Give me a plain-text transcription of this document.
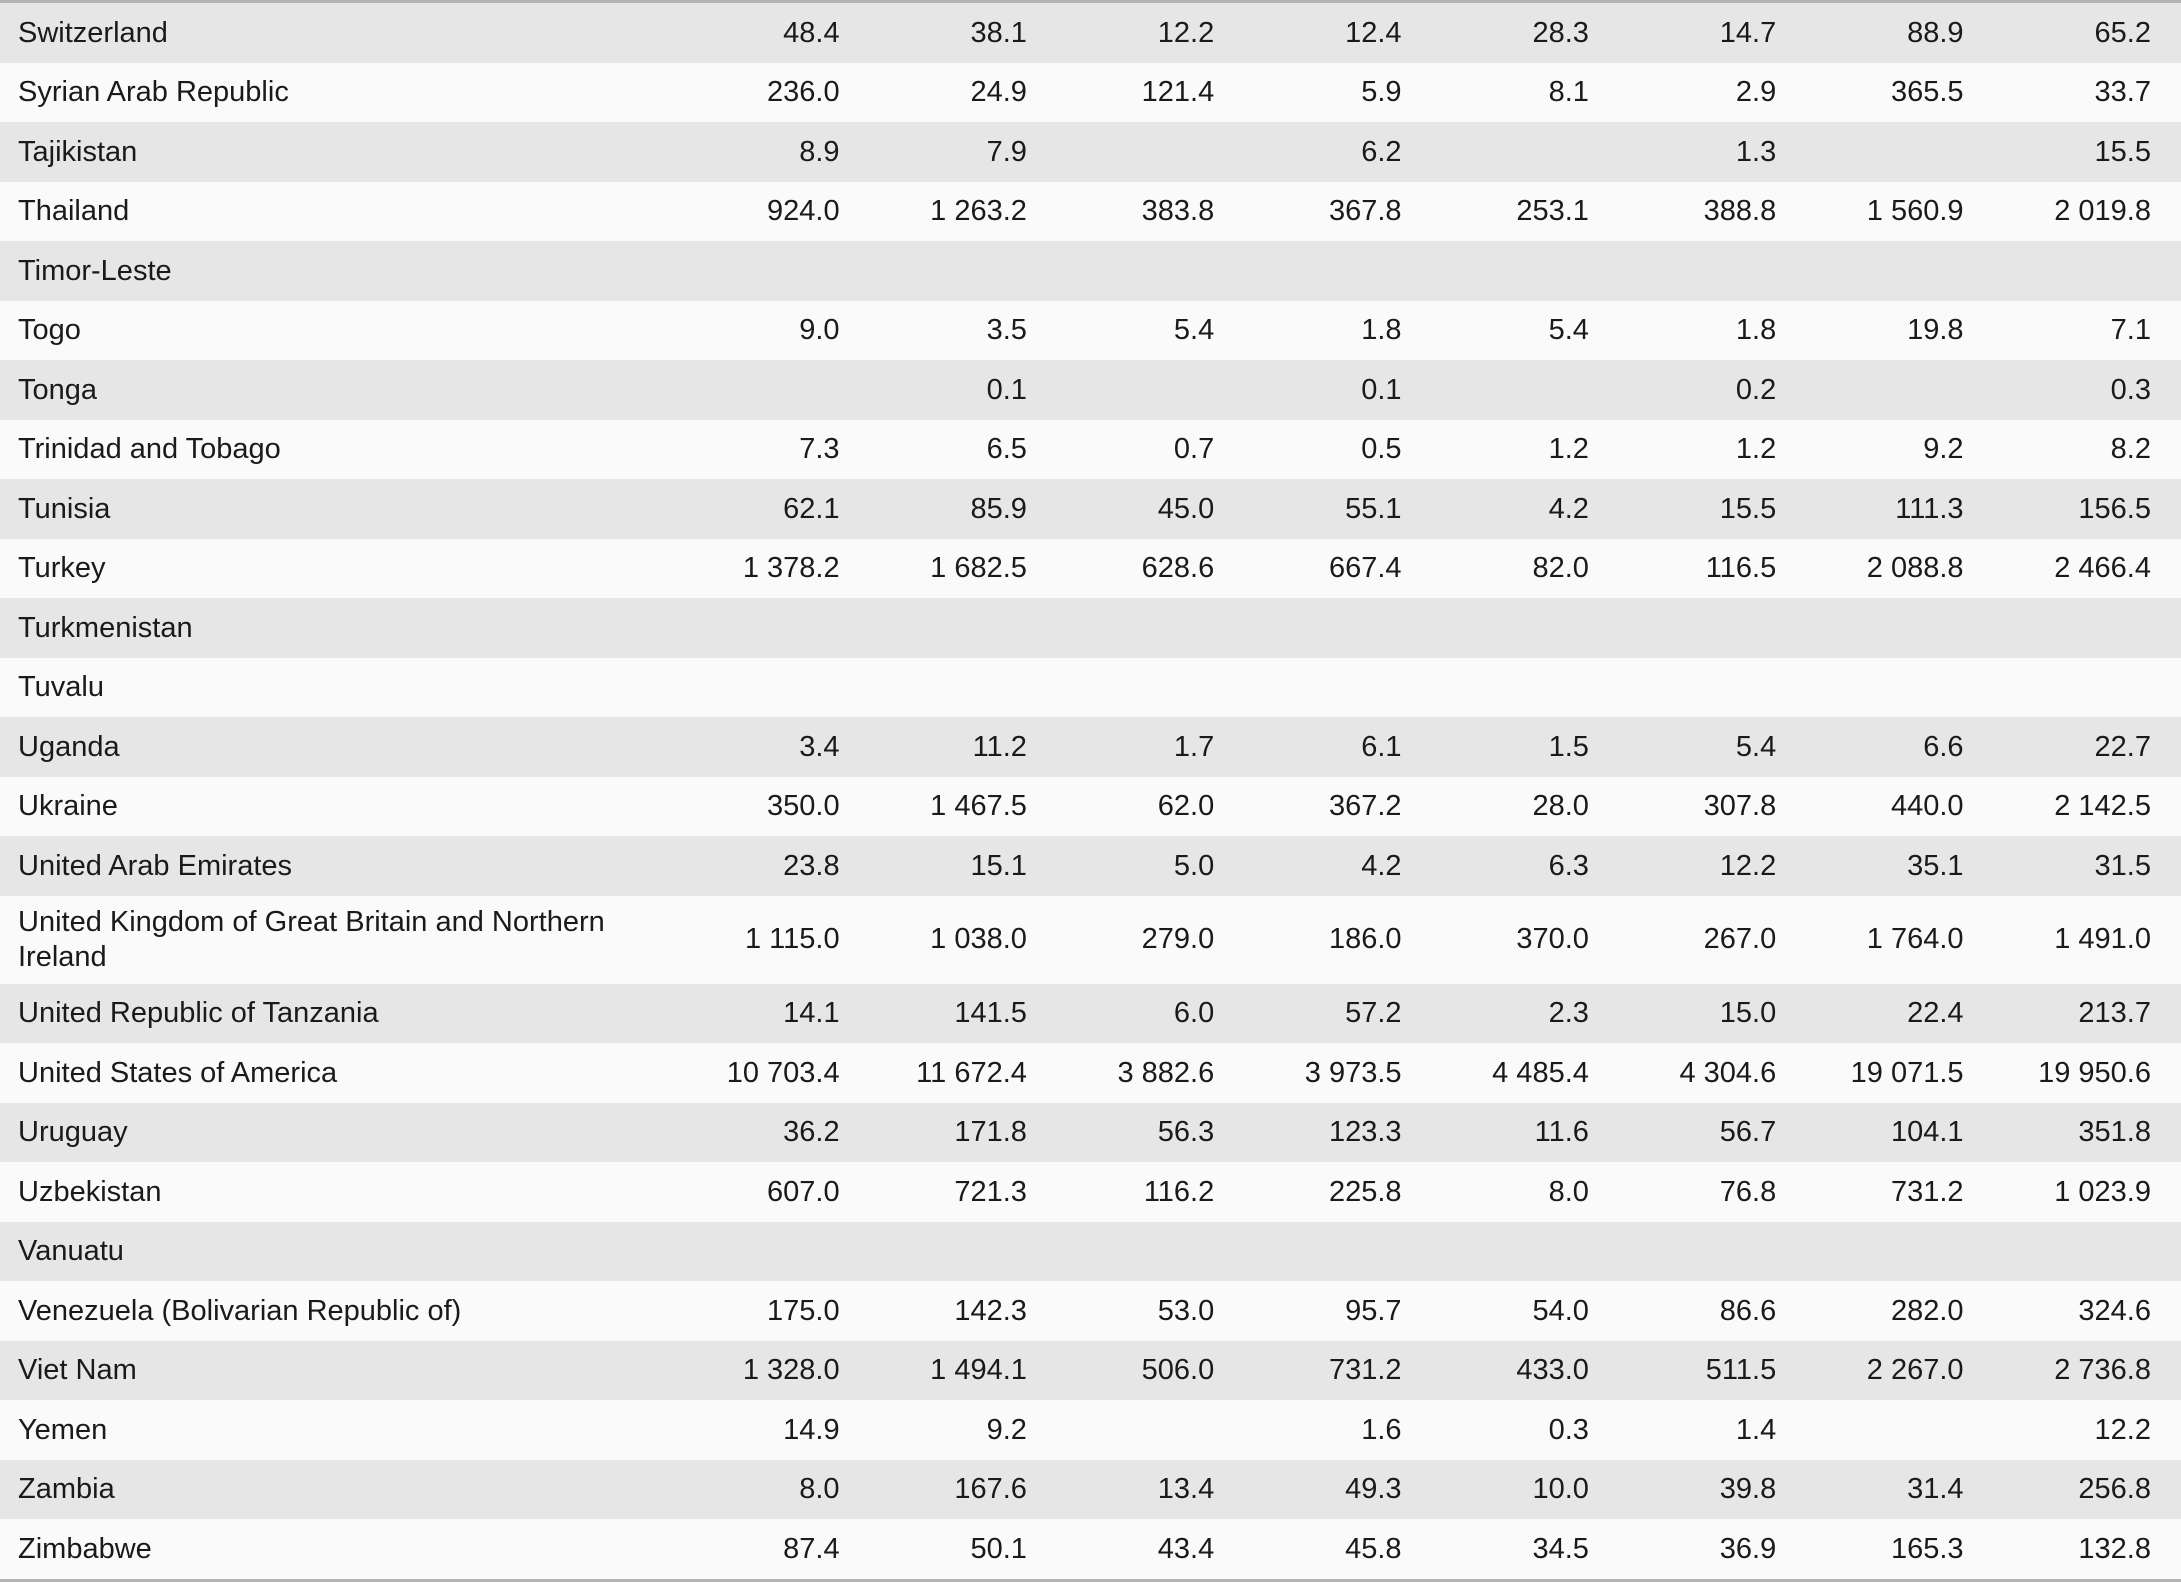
Switzerland	48.4	38.1	12.2	12.4	28.3	14.7	88.9	65.2
Syrian Arab Republic	236.0	24.9	121.4	5.9	8.1	2.9	365.5	33.7
Tajikistan	8.9	7.9		6.2		1.3		15.5
Thailand	924.0	1 263.2	383.8	367.8	253.1	388.8	1 560.9	2 019.8
Timor-Leste								
Togo	9.0	3.5	5.4	1.8	5.4	1.8	19.8	7.1
Tonga		0.1		0.1		0.2		0.3
Trinidad and Tobago	7.3	6.5	0.7	0.5	1.2	1.2	9.2	8.2
Tunisia	62.1	85.9	45.0	55.1	4.2	15.5	111.3	156.5
Turkey	1 378.2	1 682.5	628.6	667.4	82.0	116.5	2 088.8	2 466.4
Turkmenistan								
Tuvalu								
Uganda	3.4	11.2	1.7	6.1	1.5	5.4	6.6	22.7
Ukraine	350.0	1 467.5	62.0	367.2	28.0	307.8	440.0	2 142.5
United Arab Emirates	23.8	15.1	5.0	4.2	6.3	12.2	35.1	31.5
United Kingdom of Great Britain and Northern Ireland	1 115.0	1 038.0	279.0	186.0	370.0	267.0	1 764.0	1 491.0
United Republic of Tanzania	14.1	141.5	6.0	57.2	2.3	15.0	22.4	213.7
United States of America	10 703.4	11 672.4	3 882.6	3 973.5	4 485.4	4 304.6	19 071.5	19 950.6
Uruguay	36.2	171.8	56.3	123.3	11.6	56.7	104.1	351.8
Uzbekistan	607.0	721.3	116.2	225.8	8.0	76.8	731.2	1 023.9
Vanuatu								
Venezuela (Bolivarian Republic of)	175.0	142.3	53.0	95.7	54.0	86.6	282.0	324.6
Viet Nam	1 328.0	1 494.1	506.0	731.2	433.0	511.5	2 267.0	2 736.8
Yemen	14.9	9.2		1.6	0.3	1.4		12.2
Zambia	8.0	167.6	13.4	49.3	10.0	39.8	31.4	256.8
Zimbabwe	87.4	50.1	43.4	45.8	34.5	36.9	165.3	132.8
